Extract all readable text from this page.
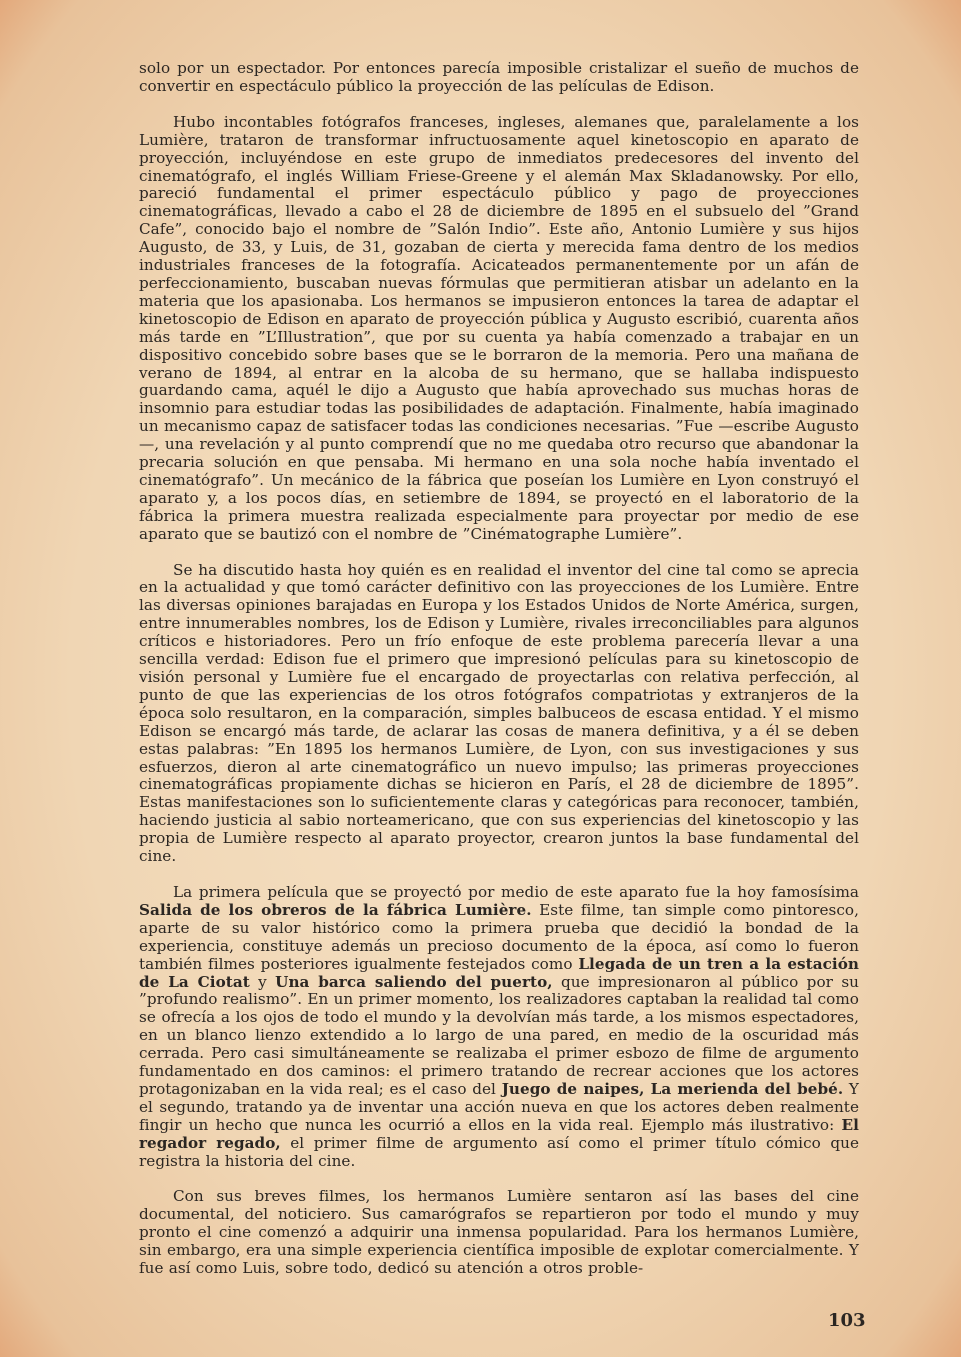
solo por un espectador. Por entonces parecía imposible cristalizar el sueño de muchos de convertir en espectáculo público la proyección de las películas de Edison.
Hubo incontables fotógrafos franceses, ingleses, alemanes que, paralelamente a los Lumière, trataron de transformar infructuosamente aquel kinetoscopio en aparato de proyección, incluyéndose en este grupo de inmediatos predecesores del invento del cinematógrafo, el inglés William Friese-Greene y el alemán Max Skladanowsky. Por ello, pareció fundamental el primer espectáculo público y pago de proyecciones cinematográficas, llevado a cabo el 28 de diciembre de 1895 en el subsuelo del ”Grand Cafe”, conocido bajo el nombre de ”Salón Indio”. Este año, Antonio Lumière y sus hijos Augusto, de 33, y Luis, de 31, gozaban de cierta y merecida fama dentro de los medios industriales franceses de la fotografía. Acicateados permanentemente por un afán de perfeccionamiento, buscaban nuevas fórmulas que permitieran atisbar un adelanto en la materia que los apasionaba. Los hermanos se impusieron entonces la tarea de adaptar el kinetoscopio de Edison en aparato de proyección pública y Augusto escribió, cuarenta años más tarde en ”L’Illustration”, que por su cuenta ya había comenzado a trabajar en un dispositivo concebido sobre bases que se le borraron de la memoria. Pero una mañana de verano de 1894, al entrar en la alcoba de su hermano, que se hallaba indispuesto guardando cama, aquél le dijo a Augusto que había aprovechado sus muchas horas de insomnio para estudiar todas las posibilidades de adaptación. Finalmente, había imaginado un mecanismo capaz de satisfacer todas las condiciones necesarias. ”Fue —escribe Augusto—, una revelación y al punto comprendí que no me quedaba otro recurso que abandonar la precaria solución en que pensaba. Mi hermano en una sola noche había inventado el cinematógrafo”. Un mecánico de la fábrica que poseían los Lumière en Lyon construyó el aparato y, a los pocos días, en setiembre de 1894, se proyectó en el laboratorio de la fábrica la primera muestra realizada especialmente para proyectar por medio de ese aparato que se bautizó con el nombre de ”Cinématographe Lumière”.
Se ha discutido hasta hoy quién es en realidad el inventor del cine tal como se aprecia en la actualidad y que tomó carácter definitivo con las proyecciones de los Lumière. Entre las diversas opiniones barajadas en Europa y los Estados Unidos de Norte América, surgen, entre innumerables nombres, los de Edison y Lumière, rivales irreconciliables para algunos críticos e historiadores. Pero un frío enfoque de este problema parecería llevar a una sencilla verdad: Edison fue el primero que impresionó películas para su kinetoscopio de visión personal y Lumière fue el encargado de proyectarlas con relativa perfección, al punto de que las experiencias de los otros fotógrafos compatriotas y extranjeros de la época solo resultaron, en la comparación, simples balbuceos de escasa entidad. Y el mismo Edison se encargó más tarde, de aclarar las cosas de manera definitiva, y a él se deben estas palabras: ”En 1895 los hermanos Lumière, de Lyon, con sus investigaciones y sus esfuerzos, dieron al arte cinematográfico un nuevo impulso; las primeras proyecciones cinematográficas propiamente dichas se hicieron en París, el 28 de diciembre de 1895”. Estas manifestaciones son lo suficientemente claras y categóricas para reconocer, también, haciendo justicia al sabio norteamericano, que con sus experiencias del kinetoscopio y las propia de Lumière respecto al aparato proyector, crearon juntos la base fundamental del cine.
La primera película que se proyectó por medio de este aparato fue la hoy famosísima Salida de los obreros de la fábrica Lumière. Este filme, tan simple como pintoresco, aparte de su valor histórico como la primera prueba que decidió la bondad de la experiencia, constituye además un precioso documento de la época, así como lo fueron también filmes posteriores igualmente festejados como Llegada de un tren a la estación de La Ciotat y Una barca saliendo del puerto, que impresionaron al público por su ”profundo realismo”. En un primer momento, los realizadores captaban la realidad tal como se ofrecía a los ojos de todo el mundo y la devolvían más tarde, a los mismos espectadores, en un blanco lienzo extendido a lo largo de una pared, en medio de la oscuridad más cerrada. Pero casi simultáneamente se realizaba el primer esbozo de filme de argumento fundamentado en dos caminos: el primero tratando de recrear acciones que los actores protagonizaban en la vida real; es el caso del Juego de naipes, La merienda del bebé. Y el segundo, tratando ya de inventar una acción nueva en que los actores deben realmente fingir un hecho que nunca les ocurrió a ellos en la vida real. Ejemplo más ilustrativo: El regador regado, el primer filme de argumento así como el primer título cómico que registra la historia del cine.
Con sus breves filmes, los hermanos Lumière sentaron así las bases del cine documental, del noticiero. Sus camarógrafos se repartieron por todo el mundo y muy pronto el cine comenzó a adquirir una inmensa popularidad. Para los hermanos Lumière, sin embargo, era una simple experiencia científica imposible de explotar comercialmente. Y fue así como Luis, sobre todo, dedicó su atención a otros proble-
103
